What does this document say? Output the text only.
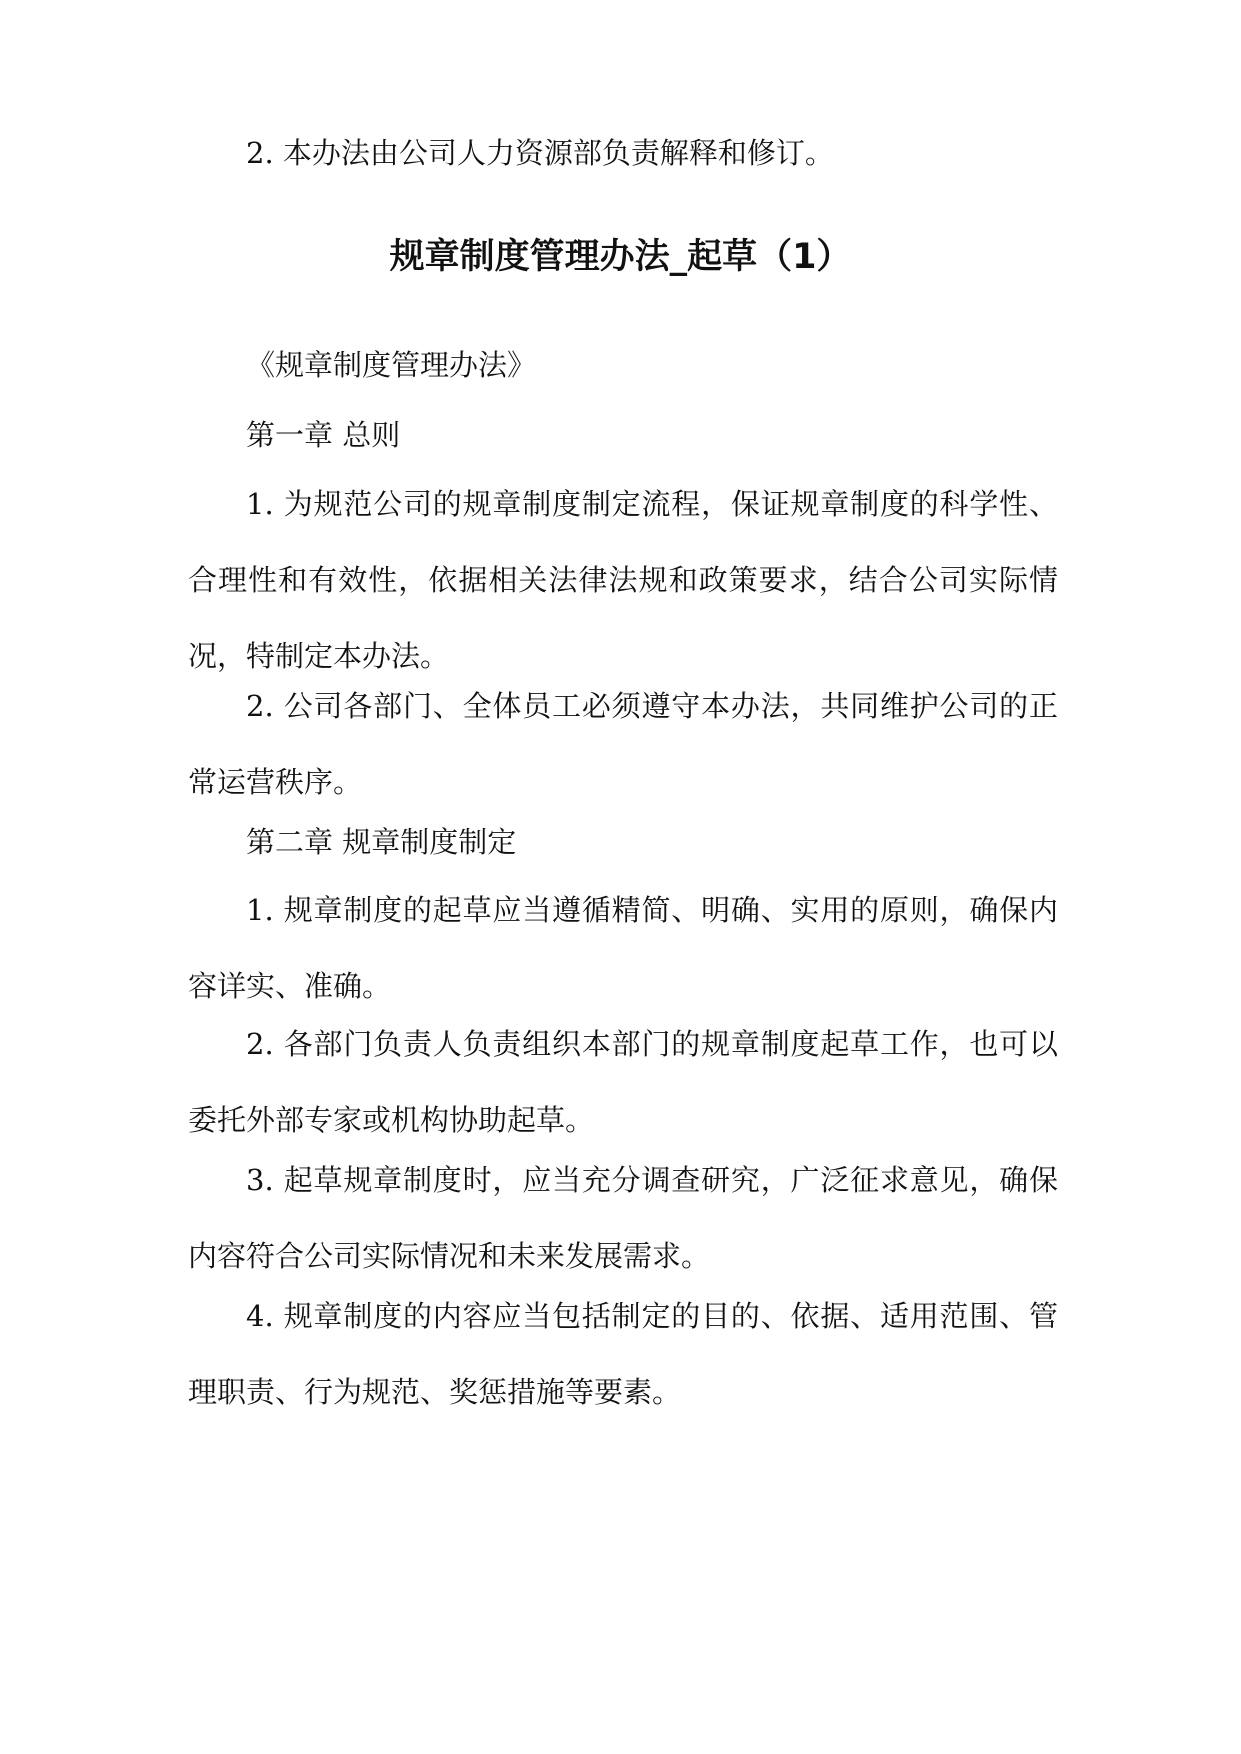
2. 本办法由公司人力资源部负责解释和修订。

规章制度管理办法_起草（1）

《规章制度管理办法》

第一章 总则

1. 为规范公司的规章制度制定流程，保证规章制度的科学性、合理性和有效性，依据相关法律法规和政策要求，结合公司实际情况，特制定本办法。

2. 公司各部门、全体员工必须遵守本办法，共同维护公司的正常运营秩序。

第二章 规章制度制定

1. 规章制度的起草应当遵循精简、明确、实用的原则，确保内容详实、准确。

2. 各部门负责人负责组织本部门的规章制度起草工作，也可以委托外部专家或机构协助起草。

3. 起草规章制度时，应当充分调查研究，广泛征求意见，确保内容符合公司实际情况和未来发展需求。

4. 规章制度的内容应当包括制定的目的、依据、适用范围、管理职责、行为规范、奖惩措施等要素。
